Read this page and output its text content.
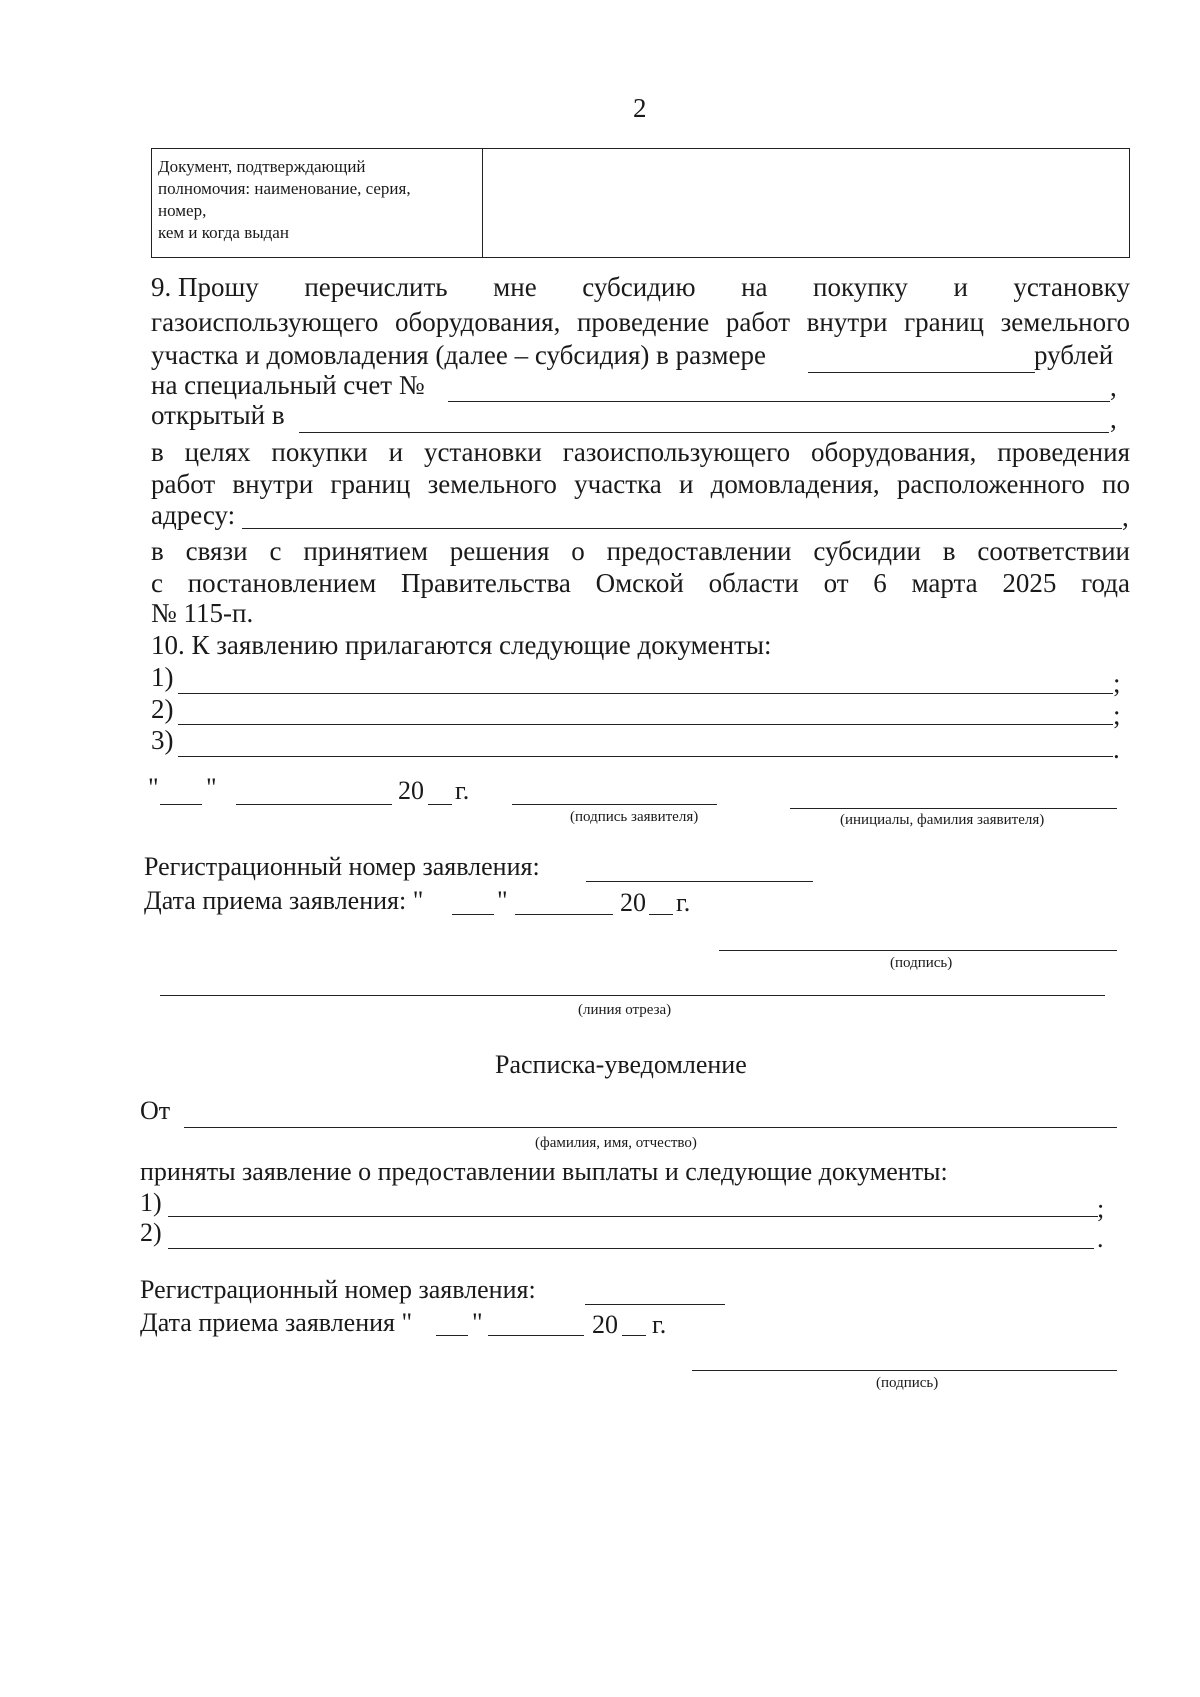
2
Документ, подтверждающий
полномочия: наименование, серия,
номер,
кем и когда выдан
9. Прошу перечислить мне субсидию на покупку и установку
газоиспользующего оборудования, проведение работ внутри границ земельного
участка и домовладения (далее – субсидия) в размере	рублей
на специальный счет №	,
открытый в	,
в целях покупки и установки газоиспользующего оборудования, проведения
работ внутри границ земельного участка и домовладения, расположенного по
адресу:	,
в связи с принятием решения о предоставлении субсидии в соответствии
с постановлением Правительства Омской области от 6 марта 2025 года
№ 115-п.
10. К заявлению прилагаются следующие документы:
1)	;
2)	;
3)	.
" "	20 г.
(подпись заявителя)	(инициалы, фамилия заявителя)
Регистрационный номер заявления:
Дата приема заявления: "	"	20 г.
(подпись)
(линия отреза)
Расписка-уведомление
От
(фамилия, имя, отчество)
приняты заявление о предоставлении выплаты и следующие документы:
1)	;
2)	.
Регистрационный номер заявления:
Дата приема заявления " "	20 г.
(подпись)
